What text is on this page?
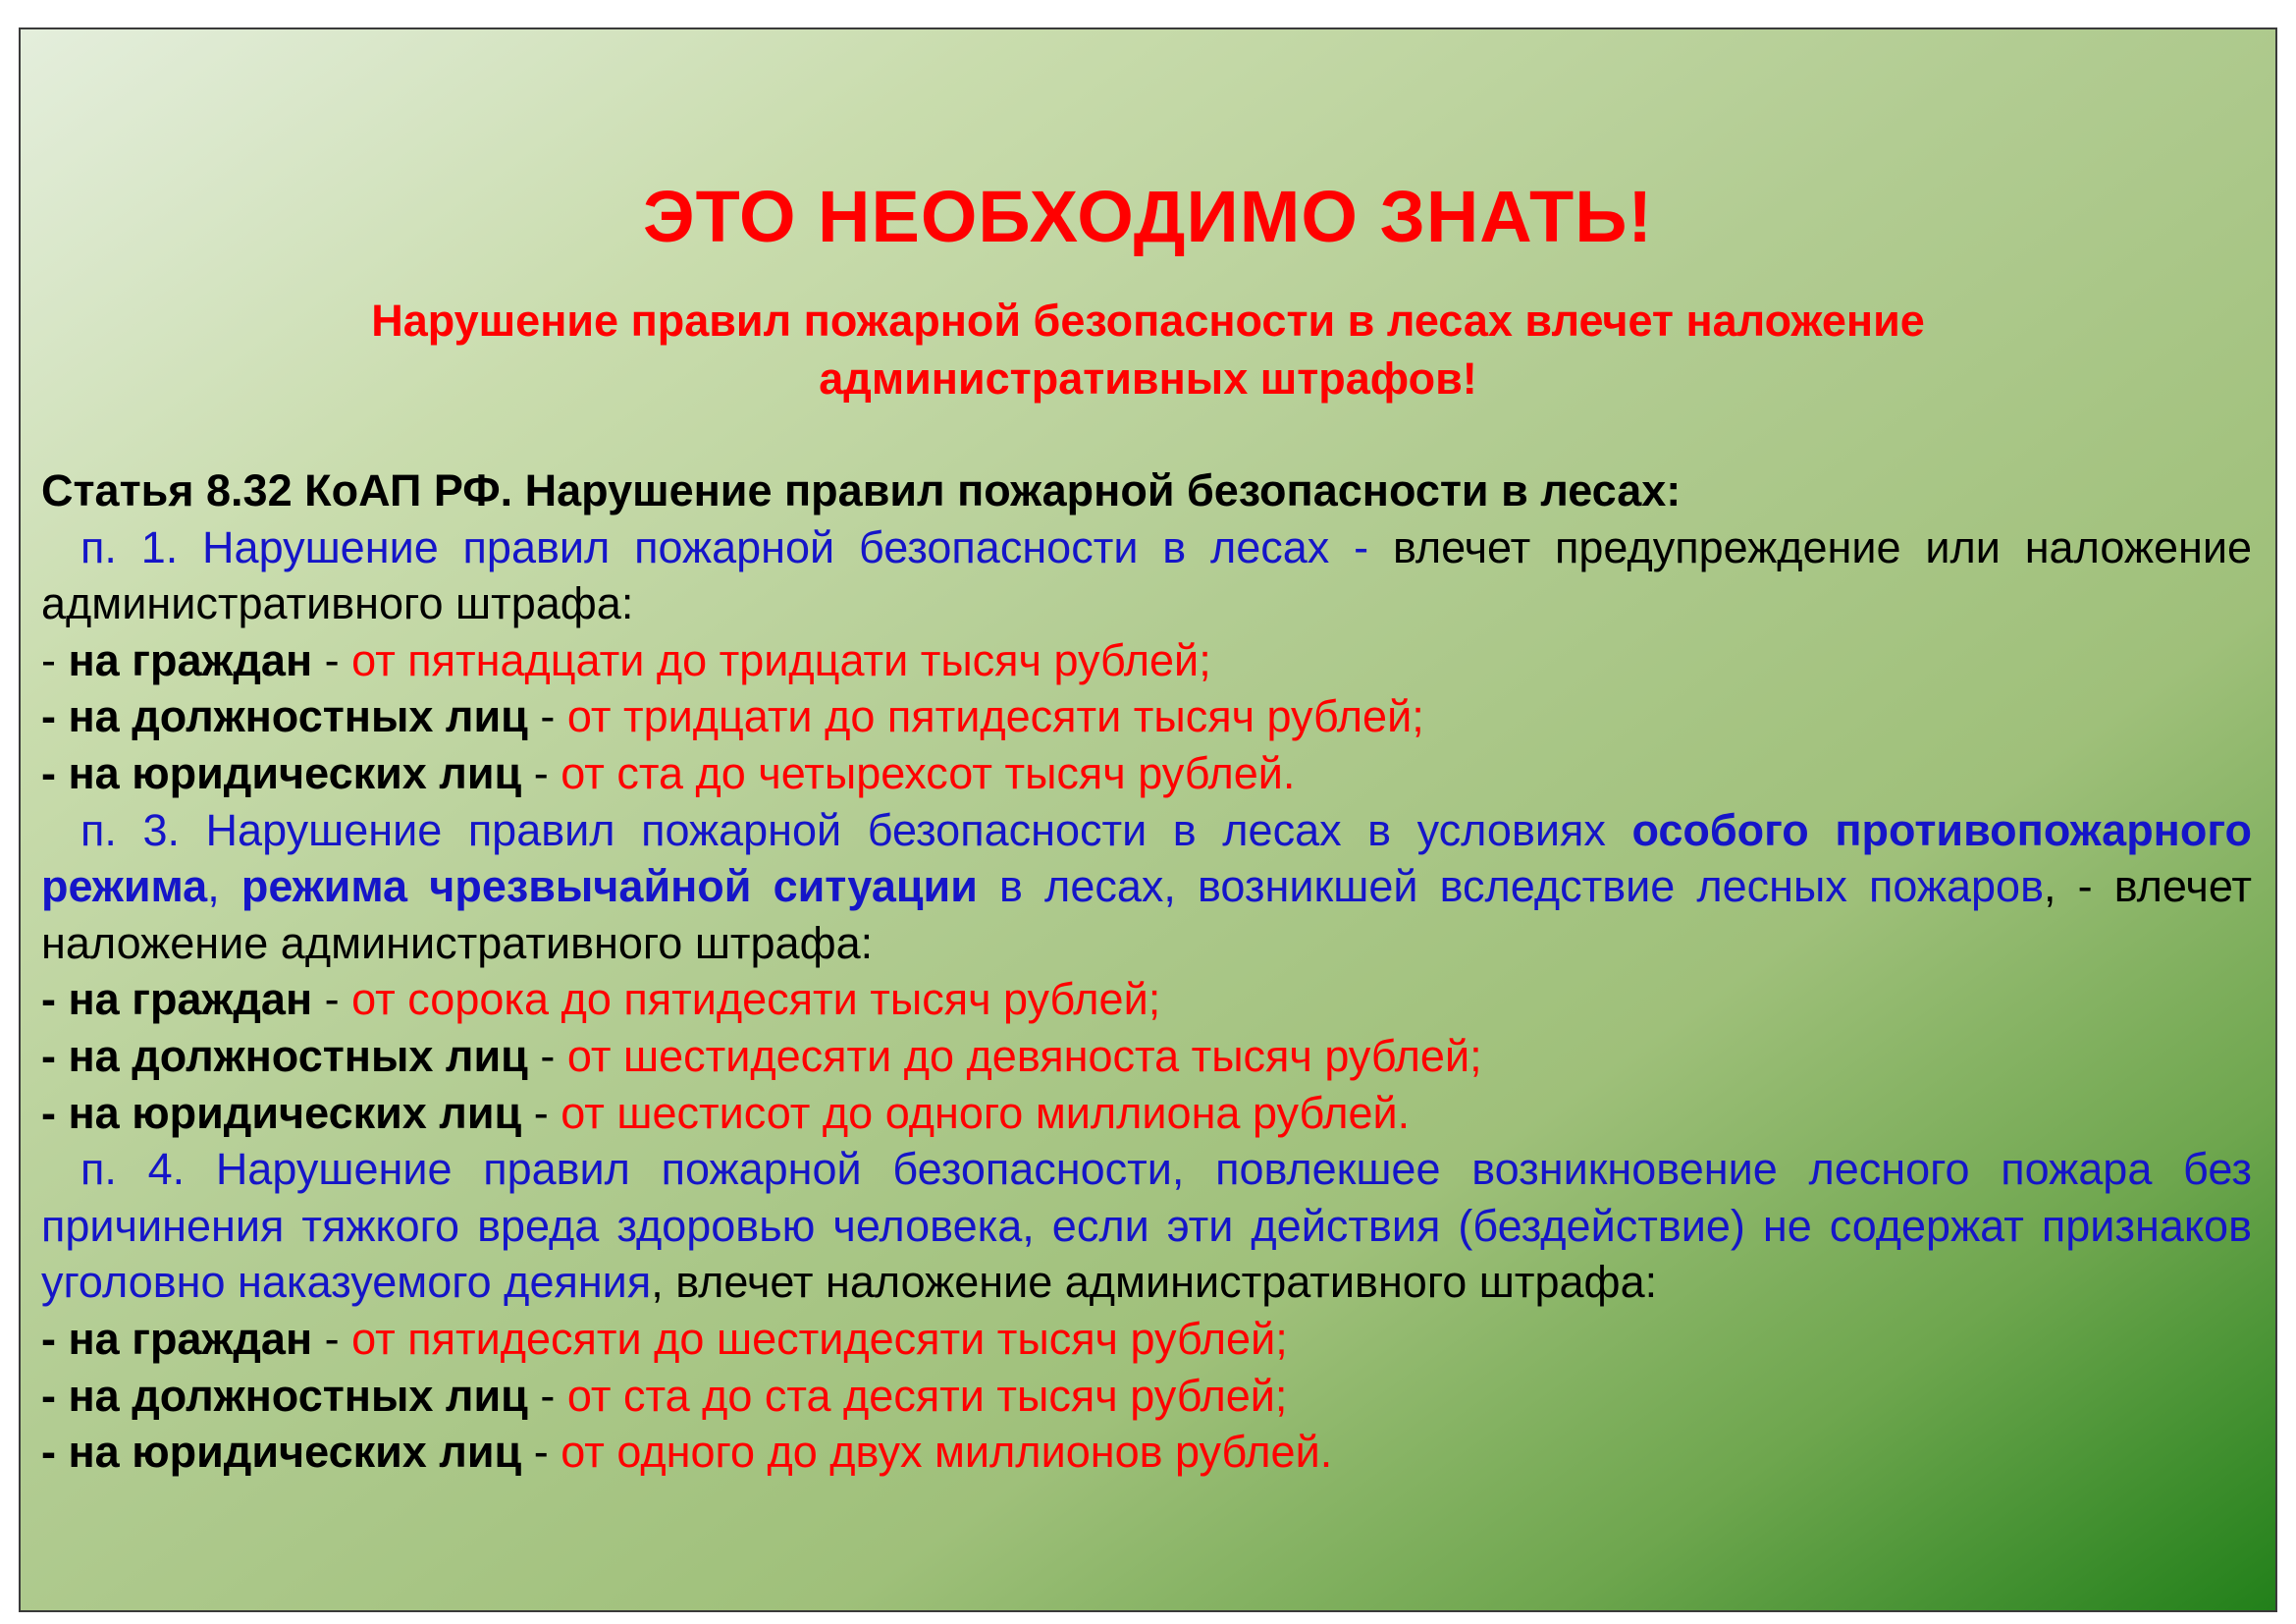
ЭТО НЕОБХОДИМО ЗНАТЬ!
Нарушение правил пожарной безопасности в лесах влечет наложение
административных штрафов!

Статья 8.32 КоАП РФ. Нарушение правил пожарной безопасности в лесах:

п. 1. Нарушение правил пожарной безопасности в лесах - влечет предупреждение или наложение административного штрафа:

- на граждан - от пятнадцати до тридцати тысяч рублей;

- на должностных лиц - от тридцати до пятидесяти тысяч рублей;

- на юридических лиц - от ста до четырехсот тысяч рублей.

п. 3. Нарушение правил пожарной безопасности в лесах в условиях особого противопожарного режима, режима чрезвычайной ситуации в лесах, возникшей вследствие лесных пожаров, - влечет наложение административного штрафа:

- на граждан - от сорока до пятидесяти тысяч рублей;

- на должностных лиц - от шестидесяти до девяноста тысяч рублей;

- на юридических лиц - от шестисот до одного миллиона рублей.

п. 4. Нарушение правил пожарной безопасности, повлекшее возникновение лесного пожара без причинения тяжкого вреда здоровью человека, если эти действия (бездействие) не содержат признаков уголовно наказуемого деяния, влечет наложение административного штрафа:

- на граждан - от пятидесяти до шестидесяти тысяч рублей;

- на должностных лиц - от ста до ста десяти тысяч рублей;

- на юридических лиц - от одного до двух миллионов рублей.
